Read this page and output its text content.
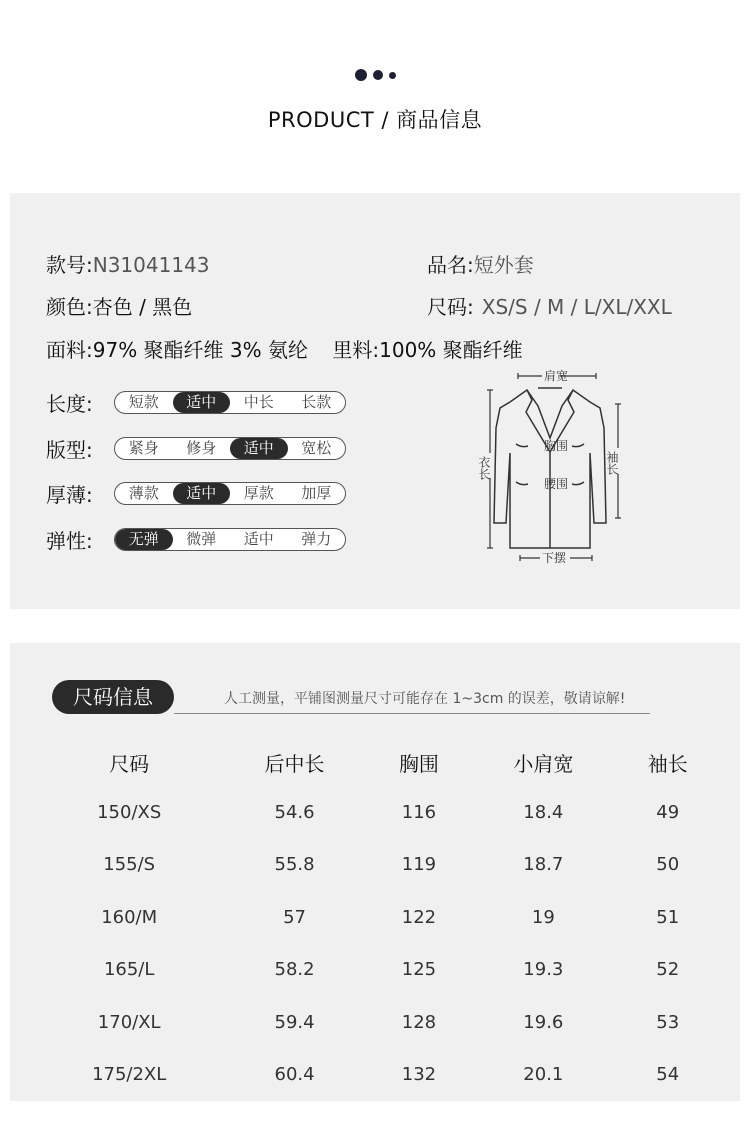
PRODUCT / 商品信息
款号:N31041143	品名:短外套
颜色:杏色 / 黑色	尺码: XS/S / M / L/XL/XXL
面料:97% 聚酯纤维 3% 氨纶 里料:100% 聚酯纤维
长度:	短款	适中	中长	长款
版型:	紧身	修身	适中	宽松
厚薄:	薄款	适中	厚款	加厚
弹性:	无弹	微弹	适中	弹力
肩宽
胸围
腰围
下摆
衣长	袖长
尺码信息	人工测量，平铺图测量尺寸可能存在 1~3cm 的误差，敬请谅解!
尺码	后中长	胸围	小肩宽	袖长
150/XS	54.6	116	18.4	49
155/S	55.8	119	18.7	50
160/M	57	122	19	51
165/L	58.2	125	19.3	52
170/XL	59.4	128	19.6	53
175/2XL	60.4	132	20.1	54
